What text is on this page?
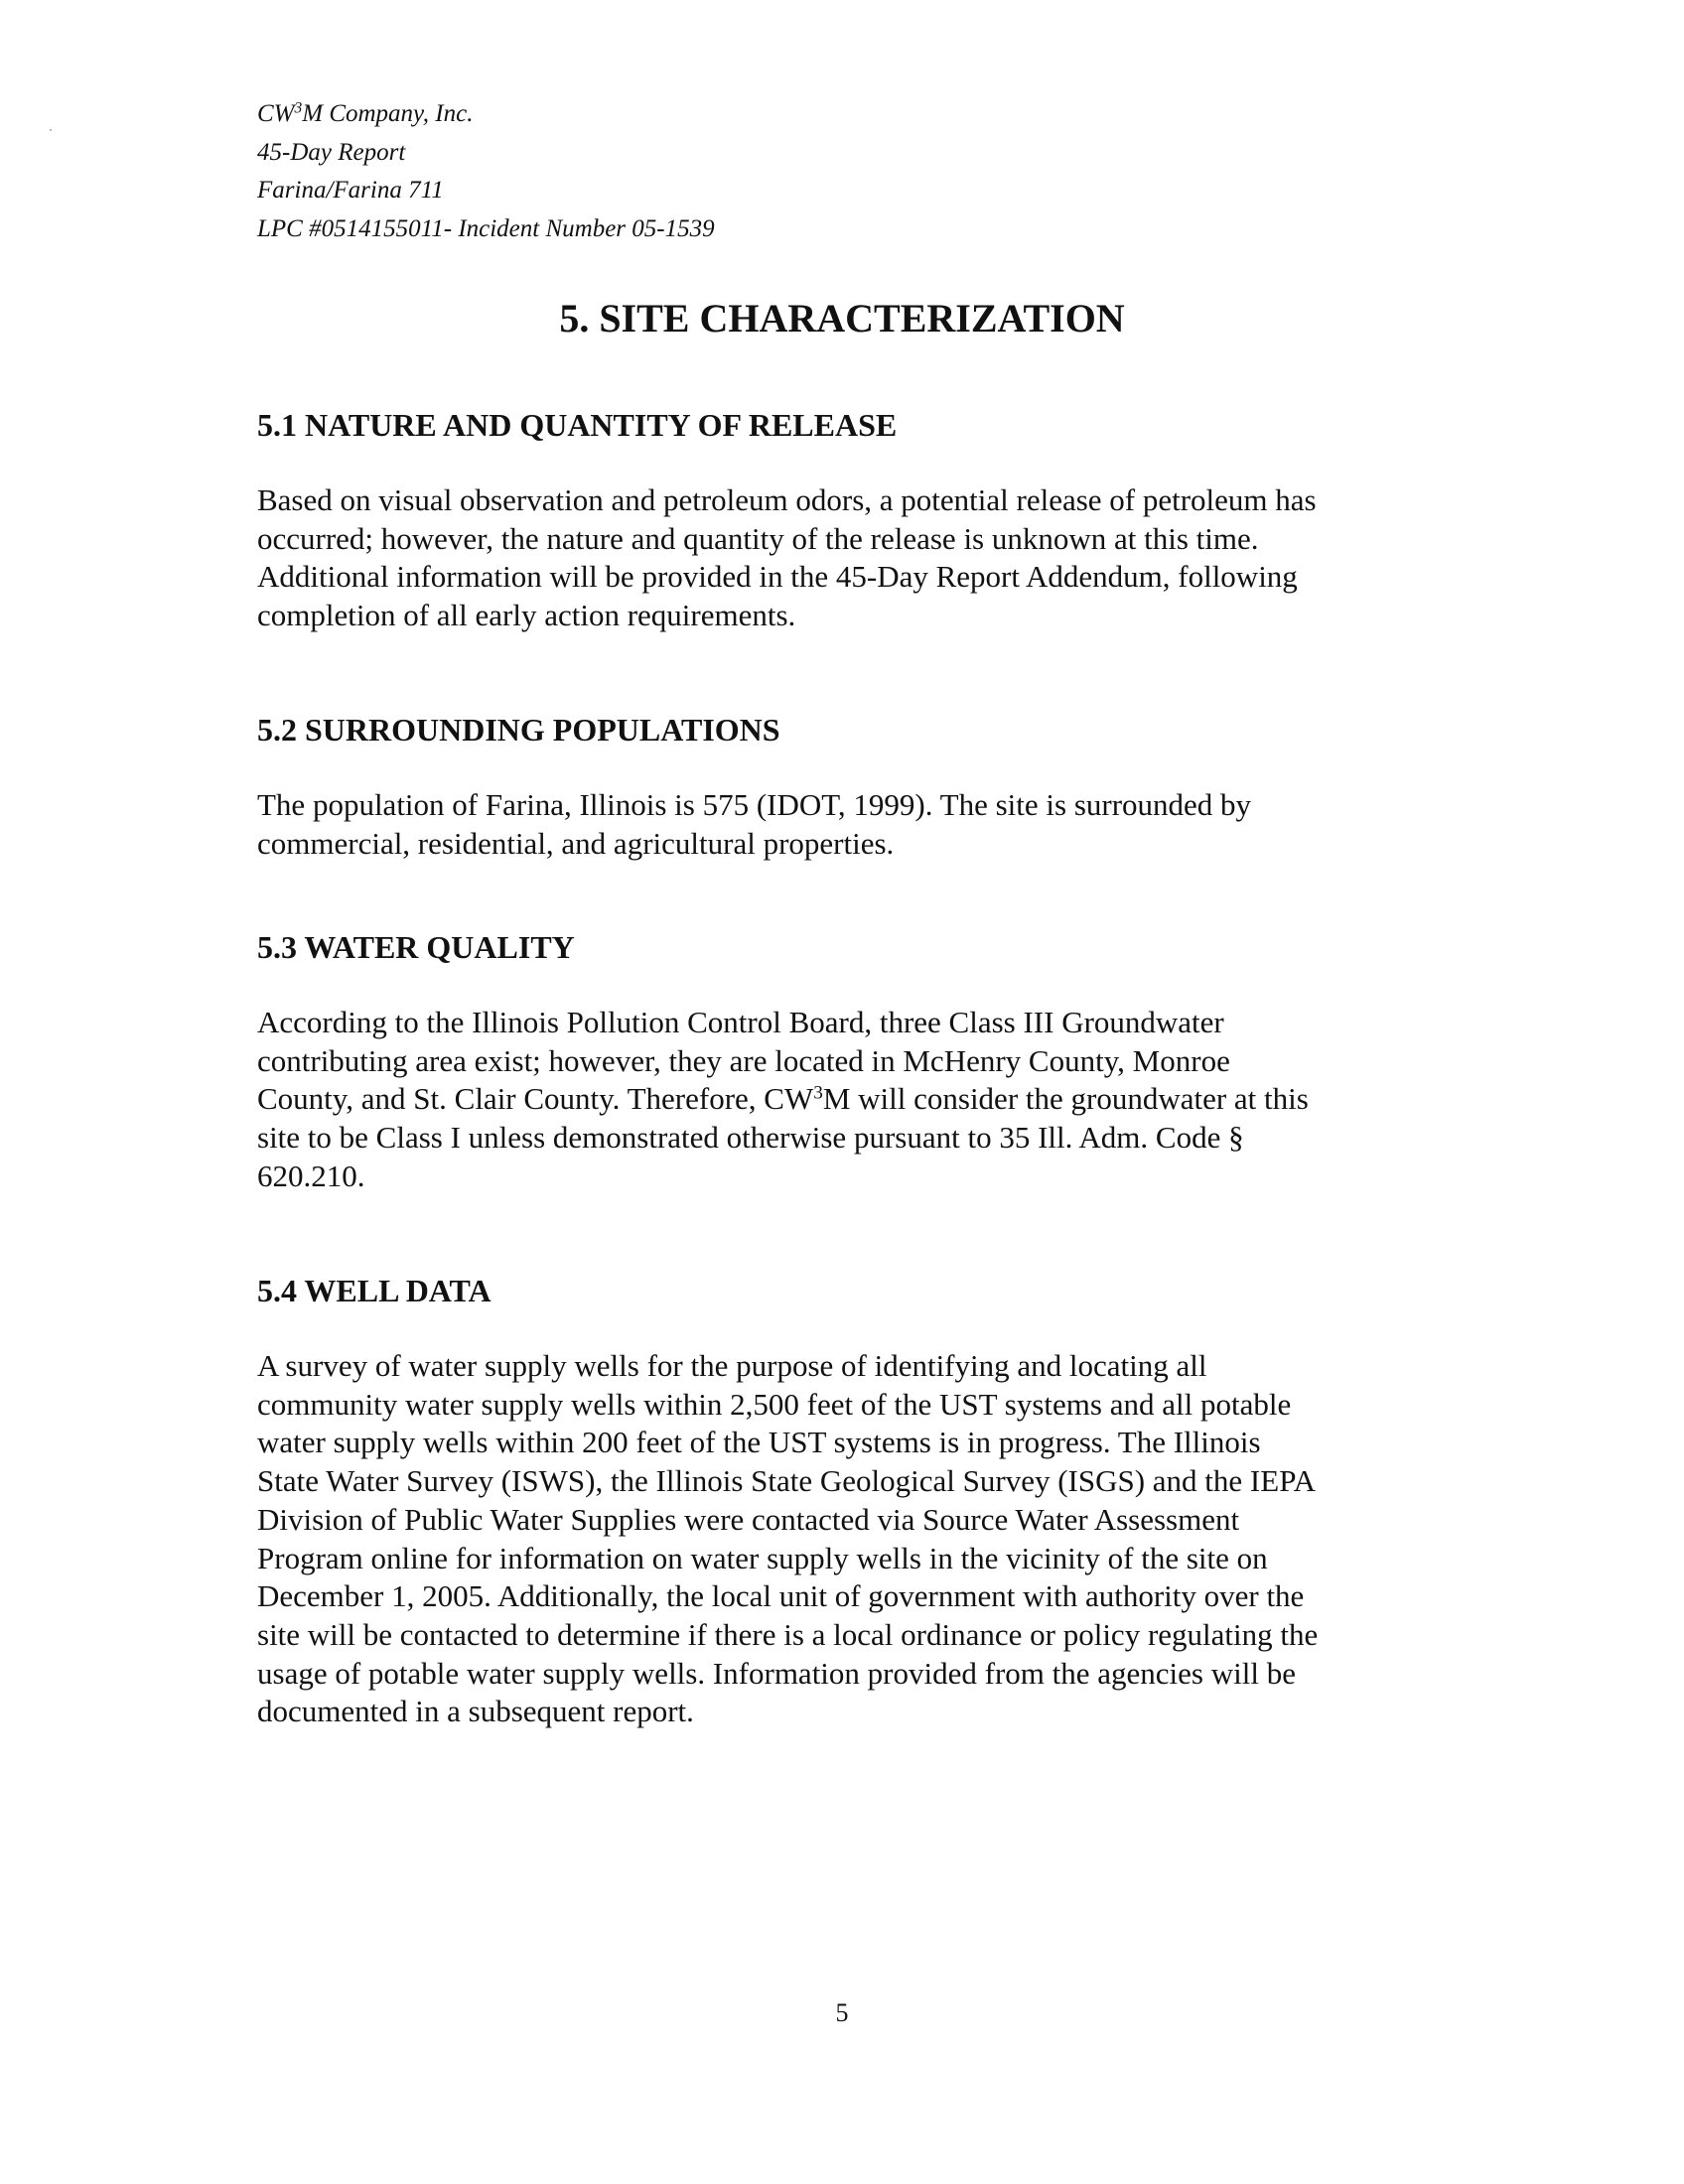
$CW^3M$ Company, Inc.
45-Day Report
Farina/Farina 711
LPC #0514155011- Incident Number 05-1539
5. SITE CHARACTERIZATION
5.1 NATURE AND QUANTITY OF RELEASE

Based on visual observation and petroleum odors, a potential release of petroleum has
occurred; however, the nature and quantity of the release is unknown at this time.
Additional information will be provided in the 45-Day Report Addendum, following
completion of all early action requirements.

5.2 SURROUNDING POPULATIONS

The population of Farina, Illinois is 575 (IDOT, 1999). The site is surrounded by
commercial, residential, and agricultural properties.

5.3 WATER QUALITY

According to the Illinois Pollution Control Board, three Class III Groundwater
contributing area exist; however, they are located in McHenry County, Monroe
County, and St. Clair County. Therefore, $CW^3M$ will consider the groundwater at this
site to be Class I unless demonstrated otherwise pursuant to 35 Ill. Adm. Code §
620.210.

5.4 WELL DATA

A survey of water supply wells for the purpose of identifying and locating all
community water supply wells within 2,500 feet of the UST systems and all potable
water supply wells within 200 feet of the UST systems is in progress. The Illinois
State Water Survey (ISWS), the Illinois State Geological Survey (ISGS) and the IEPA
Division of Public Water Supplies were contacted via Source Water Assessment
Program online for information on water supply wells in the vicinity of the site on
December 1, 2005. Additionally, the local unit of government with authority over the
site will be contacted to determine if there is a local ordinance or policy regulating the
usage of potable water supply wells. Information provided from the agencies will be
documented in a subsequent report.

5
